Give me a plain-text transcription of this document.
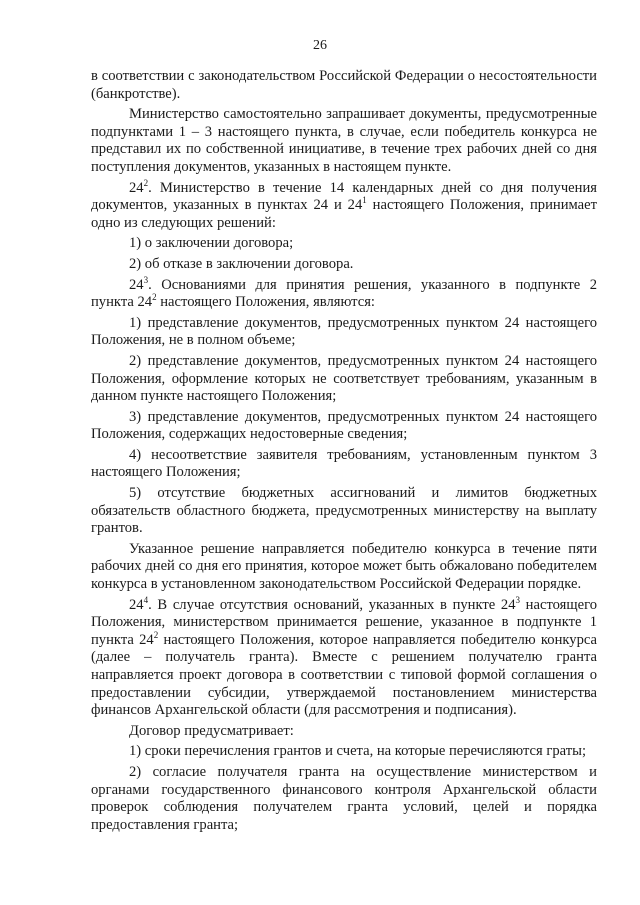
26

в соответствии с законодательством Российской Федерации о несостоятельности (банкротстве).

Министерство самостоятельно запрашивает документы, предусмотренные подпунктами 1 – 3 настоящего пункта, в случае, если победитель конкурса не представил их по собственной инициативе, в течение трех рабочих дней со дня поступления документов, указанных в настоящем пункте.

$24^2$. Министерство в течение 14 календарных дней со дня получения документов, указанных в пунктах 24 и $24^1$ настоящего Положения, принимает одно из следующих решений:

1) о заключении договора;

2) об отказе в заключении договора.

$24^3$. Основаниями для принятия решения, указанного в подпункте 2 пункта $24^2$ настоящего Положения, являются:

1) представление документов, предусмотренных пунктом 24 настоящего Положения, не в полном объеме;

2) представление документов, предусмотренных пунктом 24 настоящего Положения, оформление которых не соответствует требованиям, указанным в данном пункте настоящего Положения;

3) представление документов, предусмотренных пунктом 24 настоящего Положения, содержащих недостоверные сведения;

4) несоответствие заявителя требованиям, установленным пунктом 3 настоящего Положения;

5) отсутствие бюджетных ассигнований и лимитов бюджетных обязательств областного бюджета, предусмотренных министерству на выплату грантов.

Указанное решение направляется победителю конкурса в течение пяти рабочих дней со дня его принятия, которое может быть обжаловано победителем конкурса в установленном законодательством Российской Федерации порядке.

$24^4$. В случае отсутствия оснований, указанных в пункте $24^3$ настоящего Положения, министерством принимается решение, указанное в подпункте 1 пункта $24^2$ настоящего Положения, которое направляется победителю конкурса (далее – получатель гранта). Вместе с решением получателю гранта направляется проект договора в соответствии с типовой формой соглашения о предоставлении субсидии, утверждаемой постановлением министерства финансов Архангельской области (для рассмотрения и подписания).

Договор предусматривает:

1) сроки перечисления грантов и счета, на которые перечисляются граты;

2) согласие получателя гранта на осуществление министерством и органами государственного финансового контроля Архангельской области проверок соблюдения получателем гранта условий, целей и порядка предоставления гранта;
